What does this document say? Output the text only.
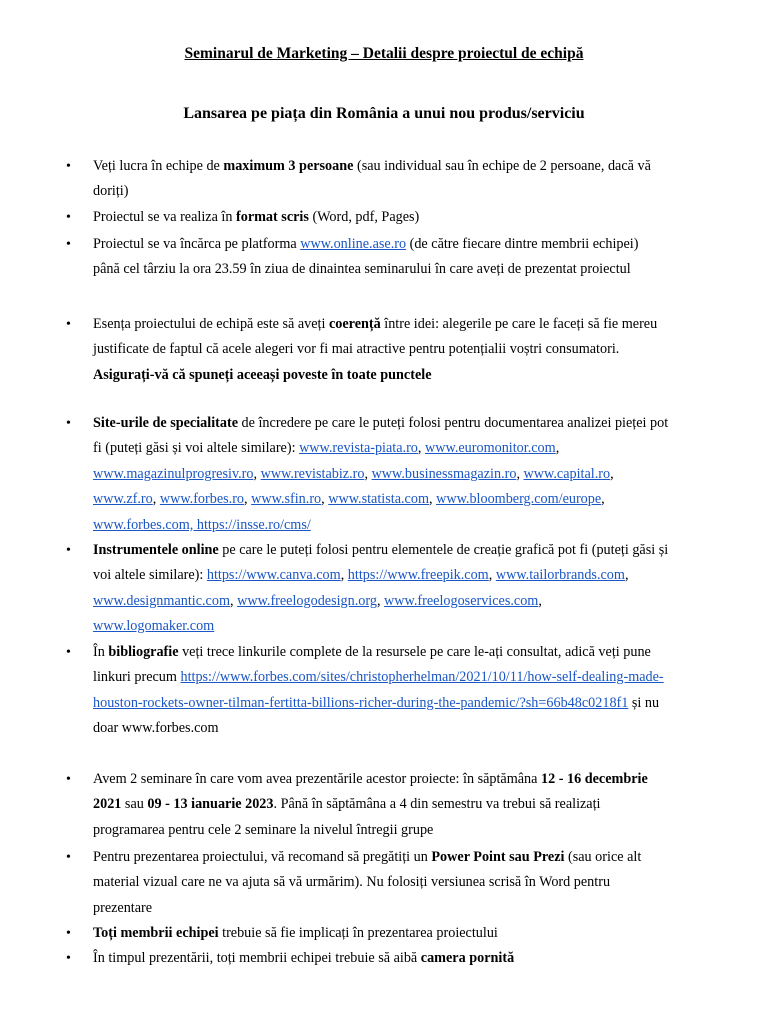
Seminarul de Marketing – Detalii despre proiectul de echipă
Lansarea pe piața din România a unui nou produs/serviciu
• Veți lucra în echipe de maximum 3 persoane (sau individual sau în echipe de 2 persoane, dacă vă
doriți)
• Proiectul se va realiza în format scris (Word, pdf, Pages)
• Proiectul se va încărca pe platforma www.online.ase.ro (de către fiecare dintre membrii echipei)
până cel târziu la ora 23.59 în ziua de dinaintea seminarului în care aveți de prezentat proiectul
• Esența proiectului de echipă este să aveți coerență între idei: alegerile pe care le faceți să fie mereu
justificate de faptul că acele alegeri vor fi mai atractive pentru potențialii voștri consumatori.
Asigurați-vă că spuneți aceeași poveste în toate punctele
• Site-urile de specialitate de încredere pe care le puteți folosi pentru documentarea analizei pieței pot
fi (puteți găsi și voi altele similare): www.revista-piata.ro, www.euromonitor.com,
www.magazinulprogresiv.ro, www.revistabiz.ro, www.businessmagazin.ro, www.capital.ro,
www.zf.ro, www.forbes.ro, www.sfin.ro, www.statista.com, www.bloomberg.com/europe,
www.forbes.com, https://insse.ro/cms/
• Instrumentele online pe care le puteți folosi pentru elementele de creație grafică pot fi (puteți găsi și
voi altele similare): https://www.canva.com, https://www.freepik.com, www.tailorbrands.com,
www.designmantic.com, www.freelogodesign.org, www.freelogoservices.com,
www.logomaker.com
• În bibliografie veți trece linkurile complete de la resursele pe care le-ați consultat, adică veți pune
linkuri precum https://www.forbes.com/sites/christopherhelman/2021/10/11/how-self-dealing-made-
houston-rockets-owner-tilman-fertitta-billions-richer-during-the-pandemic/?sh=66b48c0218f1 și nu
doar www.forbes.com
• Avem 2 seminare în care vom avea prezentările acestor proiecte: în săptămâna 12 - 16 decembrie
2021 sau 09 - 13 ianuarie 2023. Până în săptămâna a 4 din semestru va trebui să realizați
programarea pentru cele 2 seminare la nivelul întregii grupe
• Pentru prezentarea proiectului, vă recomand să pregătiți un Power Point sau Prezi (sau orice alt
material vizual care ne va ajuta să vă urmărim). Nu folosiți versiunea scrisă în Word pentru
prezentare
• Toți membrii echipei trebuie să fie implicați în prezentarea proiectului
• În timpul prezentării, toți membrii echipei trebuie să aibă camera pornită
